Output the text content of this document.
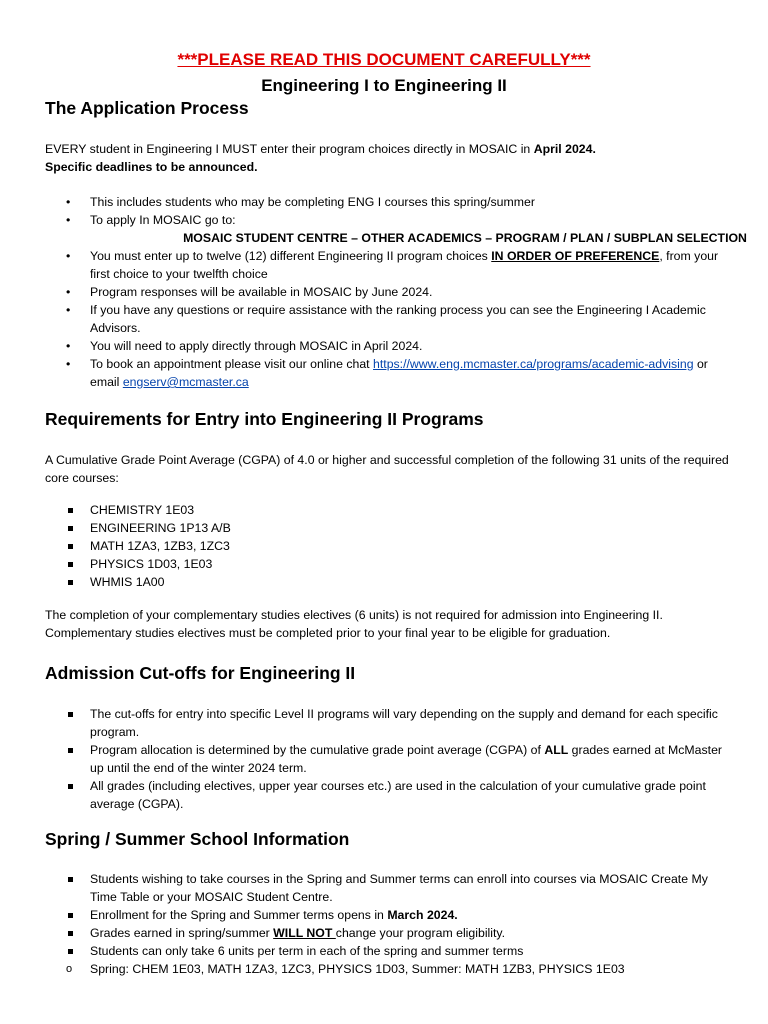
***PLEASE READ THIS DOCUMENT CAREFULLY***
Engineering I to Engineering II
The Application Process
EVERY student in Engineering I MUST enter their program choices directly in MOSAIC in April 2024.
Specific deadlines to be announced.
• This includes students who may be completing ENG I courses this spring/summer
• To apply In MOSAIC go to:
MOSAIC STUDENT CENTRE – OTHER ACADEMICS – PROGRAM / PLAN / SUBPLAN SELECTION
• You must enter up to twelve (12) different Engineering II program choices IN ORDER OF PREFERENCE, from your first choice to your twelfth choice
• Program responses will be available in MOSAIC by June 2024.
• If you have any questions or require assistance with the ranking process you can see the Engineering I Academic Advisors.
• You will need to apply directly through MOSAIC in April 2024.
• To book an appointment please visit our online chat https://www.eng.mcmaster.ca/programs/academic-advising or email engserv@mcmaster.ca
Requirements for Entry into Engineering II Programs
A Cumulative Grade Point Average (CGPA) of 4.0 or higher and successful completion of the following 31 units of the required core courses:
CHEMISTRY 1E03
ENGINEERING 1P13 A/B
MATH 1ZA3, 1ZB3, 1ZC3
PHYSICS 1D03, 1E03
WHMIS 1A00
The completion of your complementary studies electives (6 units) is not required for admission into Engineering II. Complementary studies electives must be completed prior to your final year to be eligible for graduation.
Admission Cut-offs for Engineering II
The cut-offs for entry into specific Level II programs will vary depending on the supply and demand for each specific program.
Program allocation is determined by the cumulative grade point average (CGPA) of ALL grades earned at McMaster up until the end of the winter 2024 term.
All grades (including electives, upper year courses etc.) are used in the calculation of your cumulative grade point average (CGPA).
Spring / Summer School Information
Students wishing to take courses in the Spring and Summer terms can enroll into courses via MOSAIC Create My Time Table or your MOSAIC Student Centre.
Enrollment for the Spring and Summer terms opens in March 2024.
Grades earned in spring/summer WILL NOT change your program eligibility.
Students can only take 6 units per term in each of the spring and summer terms
o Spring: CHEM 1E03, MATH 1ZA3, 1ZC3, PHYSICS 1D03, Summer: MATH 1ZB3, PHYSICS 1E03
